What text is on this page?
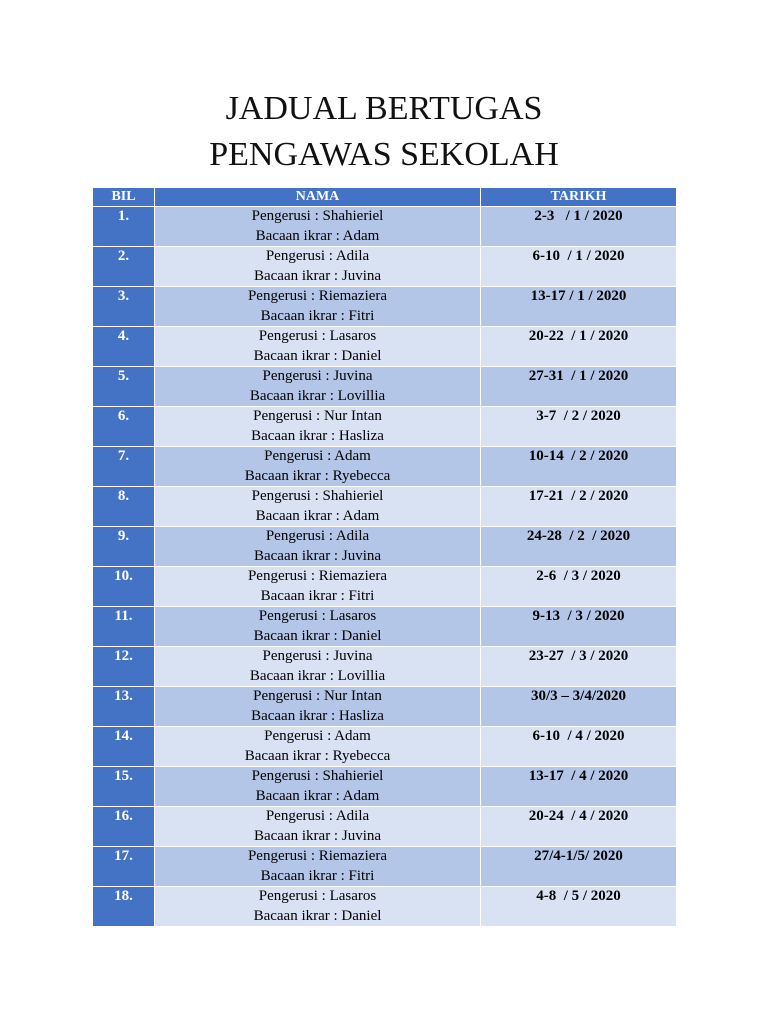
JADUAL BERTUGAS
PENGAWAS SEKOLAH
BIL	NAMA	TARIKH
1.	Pengerusi : Shahieriel
Bacaan ikrar : Adam	2-3   / 1 / 2020
2.	Pengerusi : Adila
Bacaan ikrar : Juvina	6-10  / 1 / 2020
3.	Pengerusi : Riemaziera
Bacaan ikrar : Fitri	13-17 / 1 / 2020
4.	Pengerusi : Lasaros
Bacaan ikrar : Daniel	20-22  / 1 / 2020
5.	Pengerusi : Juvina
Bacaan ikrar : Lovillia	27-31  / 1 / 2020
6.	Pengerusi : Nur Intan
Bacaan ikrar : Hasliza	3-7  / 2 / 2020
7.	Pengerusi : Adam
Bacaan ikrar : Ryebecca	10-14  / 2 / 2020
8.	Pengerusi : Shahieriel
Bacaan ikrar : Adam	17-21  / 2 / 2020
9.	Pengerusi : Adila
Bacaan ikrar : Juvina	24-28  / 2  / 2020
10.	Pengerusi : Riemaziera
Bacaan ikrar : Fitri	2-6  / 3 / 2020
11.	Pengerusi : Lasaros
Bacaan ikrar : Daniel	9-13  / 3 / 2020
12.	Pengerusi : Juvina
Bacaan ikrar : Lovillia	23-27  / 3 / 2020
13.	Pengerusi : Nur Intan
Bacaan ikrar : Hasliza	30/3 – 3/4/2020
14.	Pengerusi : Adam
Bacaan ikrar : Ryebecca	6-10  / 4 / 2020
15.	Pengerusi : Shahieriel
Bacaan ikrar : Adam	13-17  / 4 / 2020
16.	Pengerusi : Adila
Bacaan ikrar : Juvina	20-24  / 4 / 2020
17.	Pengerusi : Riemaziera
Bacaan ikrar : Fitri	27/4-1/5/ 2020
18.	Pengerusi : Lasaros
Bacaan ikrar : Daniel	4-8  / 5 / 2020
